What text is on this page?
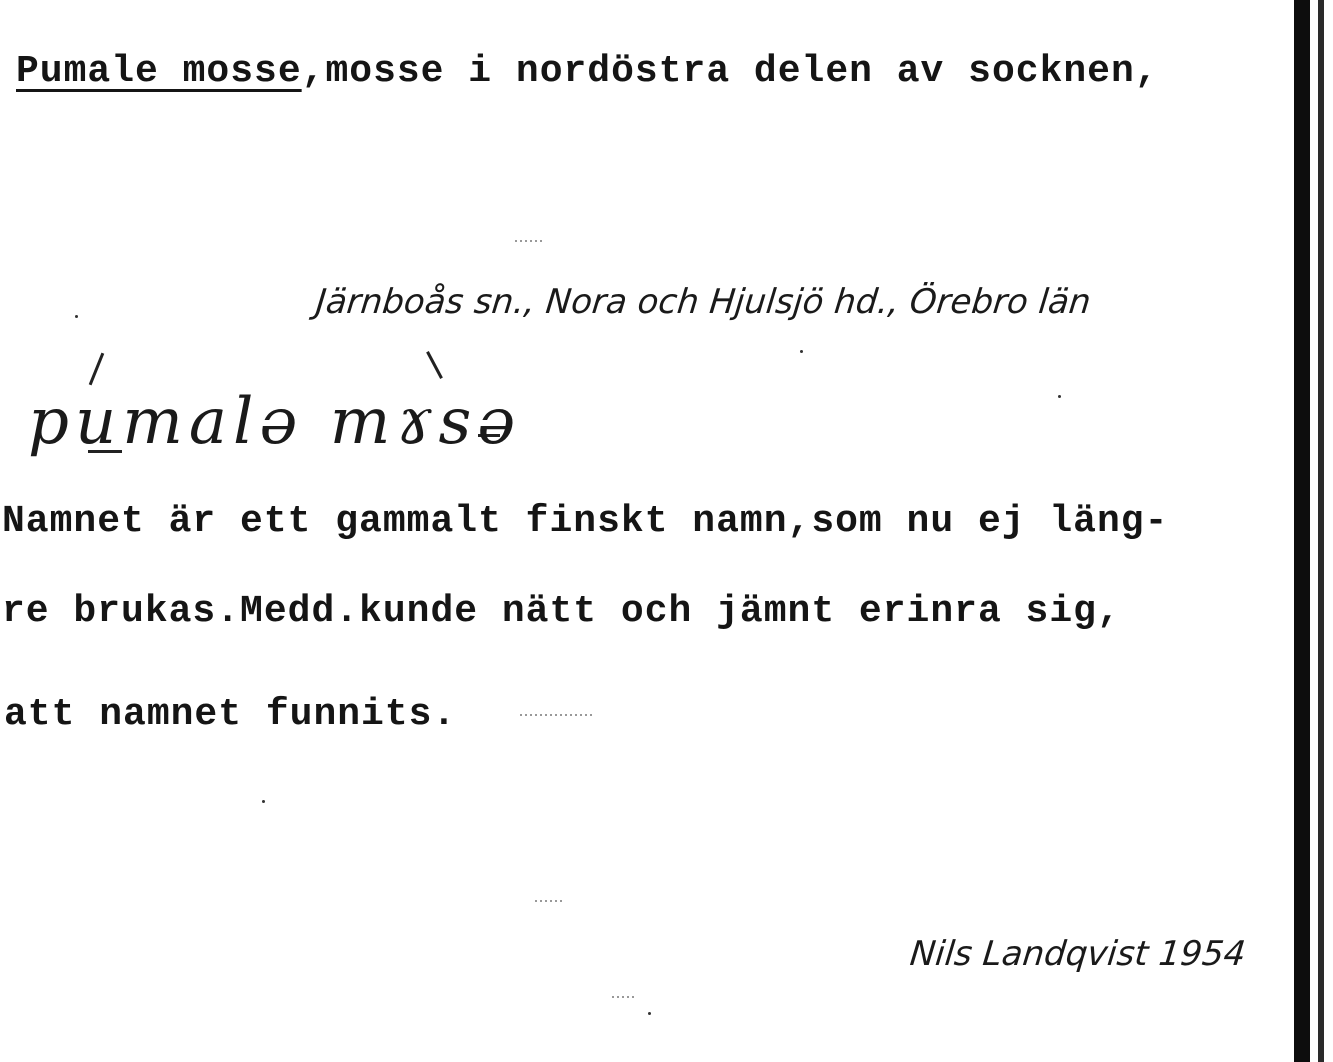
Pumale mosse,mosse i nordöstra delen av socknen,
Järnboås sn., Nora och Hjulsjö hd., Örebro län
pumalə mɤsə
Namnet är ett gammalt finskt namn,som nu ej läng-
re brukas.Medd.kunde nätt och jämnt erinra sig,
att namnet funnits.
Nils Landqvist 1954
